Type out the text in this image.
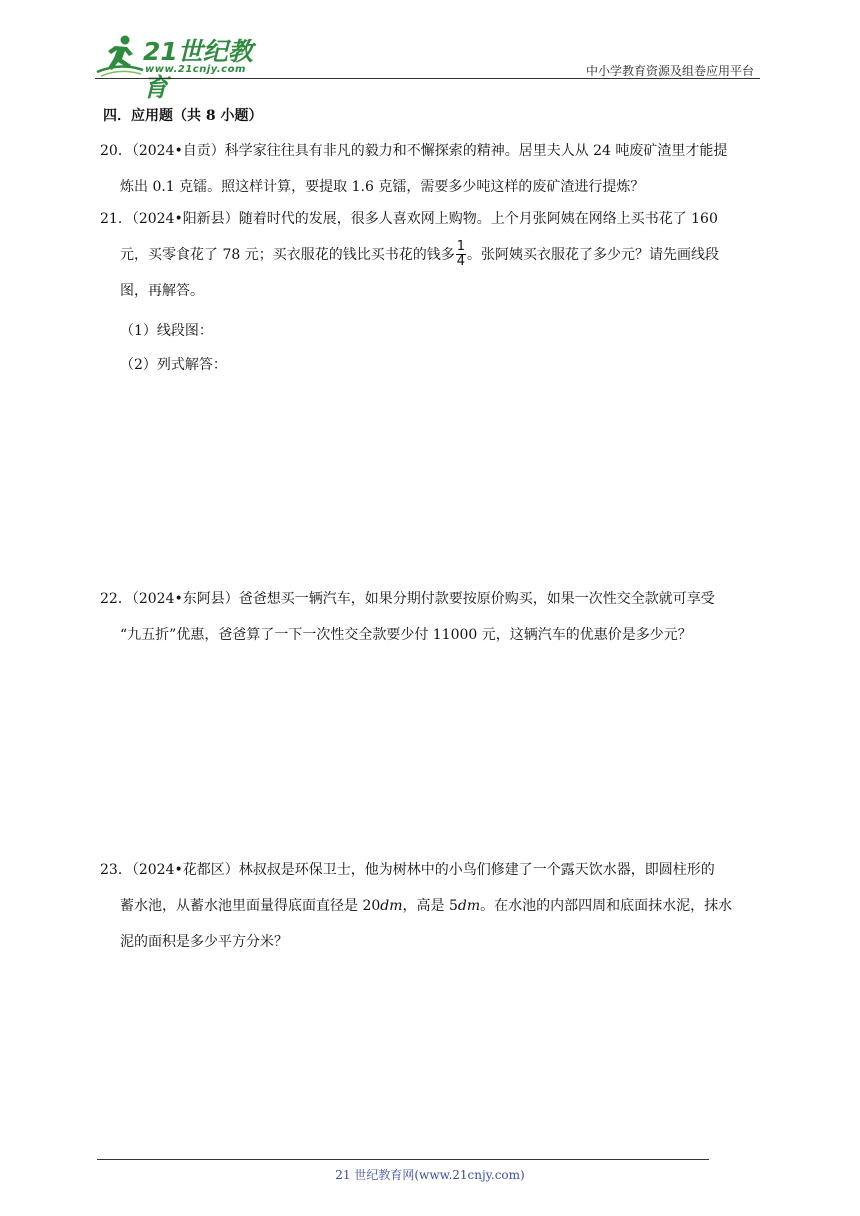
21世纪教育
www.21cnjy.com	中小学教育资源及组卷应用平台
四．应用题（共 8 小题）
20．（2024•自贡）科学家往往具有非凡的毅力和不懈探索的精神。居里夫人从 24 吨废矿渣里才能提
炼出 0.1 克镭。照这样计算，要提取 1.6 克镭，需要多少吨这样的废矿渣进行提炼？
21．（2024•阳新县）随着时代的发展，很多人喜欢网上购物。上个月张阿姨在网络上买书花了 160
元，买零食花了 78 元；买衣服花的钱比买书花的钱多 $\frac{1}{4}$ 。张阿姨买衣服花了多少元？请先画线段
图，再解答。
（1）线段图：
（2）列式解答：
22．（2024•东阿县）爸爸想买一辆汽车，如果分期付款要按原价购买，如果一次性交全款就可享受
“九五折”优惠，爸爸算了一下一次性交全款要少付 11000 元，这辆汽车的优惠价是多少元？
23．（2024•花都区）林叔叔是环保卫士，他为树林中的小鸟们修建了一个露天饮水器，即圆柱形的
蓄水池，从蓄水池里面量得底面直径是 20dm，高是 5dm。在水池的内部四周和底面抹水泥，抹水
泥的面积是多少平方分米？
21 世纪教育网(www.21cnjy.com)
